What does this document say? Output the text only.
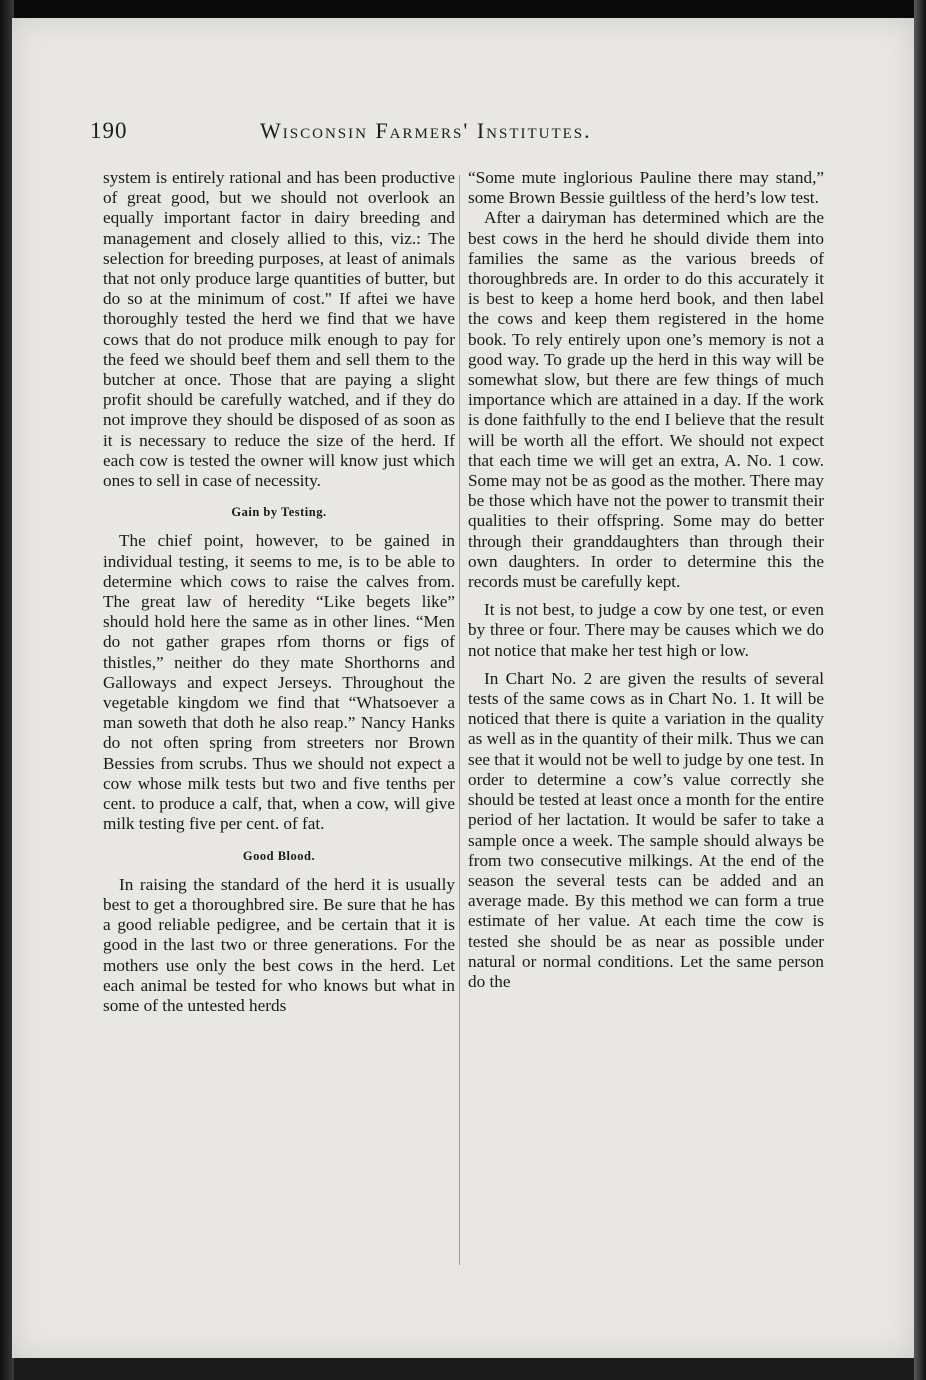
190	Wisconsin Farmers' Institutes.

system is entirely rational and has been productive of great good, but we should not overlook an equally important factor in dairy breeding and management and closely allied to this, viz.: The selection for breeding purposes, at least of animals that not only produce large quantities of butter, but do so at the minimum of cost." If aftei we have thoroughly tested the herd we find that we have cows that do not produce milk enough to pay for the feed we should beef them and sell them to the butcher at once. Those that are paying a slight profit should be carefully watched, and if they do not improve they should be disposed of as soon as it is necessary to reduce the size of the herd. If each cow is tested the owner will know just which ones to sell in case of necessity.

Gain by Testing.

The chief point, however, to be gained in individual testing, it seems to me, is to be able to determine which cows to raise the calves from. The great law of heredity “Like begets like” should hold here the same as in other lines. “Men do not gather grapes rfom thorns or figs of thistles,” neither do they mate Shorthorns and Galloways and expect Jerseys. Throughout the vegetable kingdom we find that “Whatsoever a man soweth that doth he also reap.” Nancy Hanks do not often spring from streeters nor Brown Bessies from scrubs. Thus we should not expect a cow whose milk tests but two and five tenths per cent. to produce a calf, that, when a cow, will give milk testing five per cent. of fat.

Good Blood.

In raising the standard of the herd it is usually best to get a thoroughbred sire. Be sure that he has a good reliable pedigree, and be certain that it is good in the last two or three generations. For the mothers use only the best cows in the herd. Let each animal be tested for who knows but what in some of the untested herds

“Some mute inglorious Pauline there may stand,” some Brown Bessie guiltless of the herd’s low test.

After a dairyman has determined which are the best cows in the herd he should divide them into families the same as the various breeds of thoroughbreds are. In order to do this accurately it is best to keep a home herd book, and then label the cows and keep them registered in the home book. To rely entirely upon one’s memory is not a good way. To grade up the herd in this way will be somewhat slow, but there are few things of much importance which are attained in a day. If the work is done faithfully to the end I believe that the result will be worth all the effort. We should not expect that each time we will get an extra, A. No. 1 cow. Some may not be as good as the mother. There may be those which have not the power to transmit their qualities to their offspring. Some may do better through their granddaughters than through their own daughters. In order to determine this the records must be carefully kept.

It is not best, to judge a cow by one test, or even by three or four. There may be causes which we do not notice that make her test high or low.

In Chart No. 2 are given the results of several tests of the same cows as in Chart No. 1. It will be noticed that there is quite a variation in the quality as well as in the quantity of their milk. Thus we can see that it would not be well to judge by one test. In order to determine a cow’s value correctly she should be tested at least once a month for the entire period of her lactation. It would be safer to take a sample once a week. The sample should always be from two consecutive milkings. At the end of the season the several tests can be added and an average made. By this method we can form a true estimate of her value. At each time the cow is tested she should be as near as possible under natural or normal conditions. Let the same person do the
